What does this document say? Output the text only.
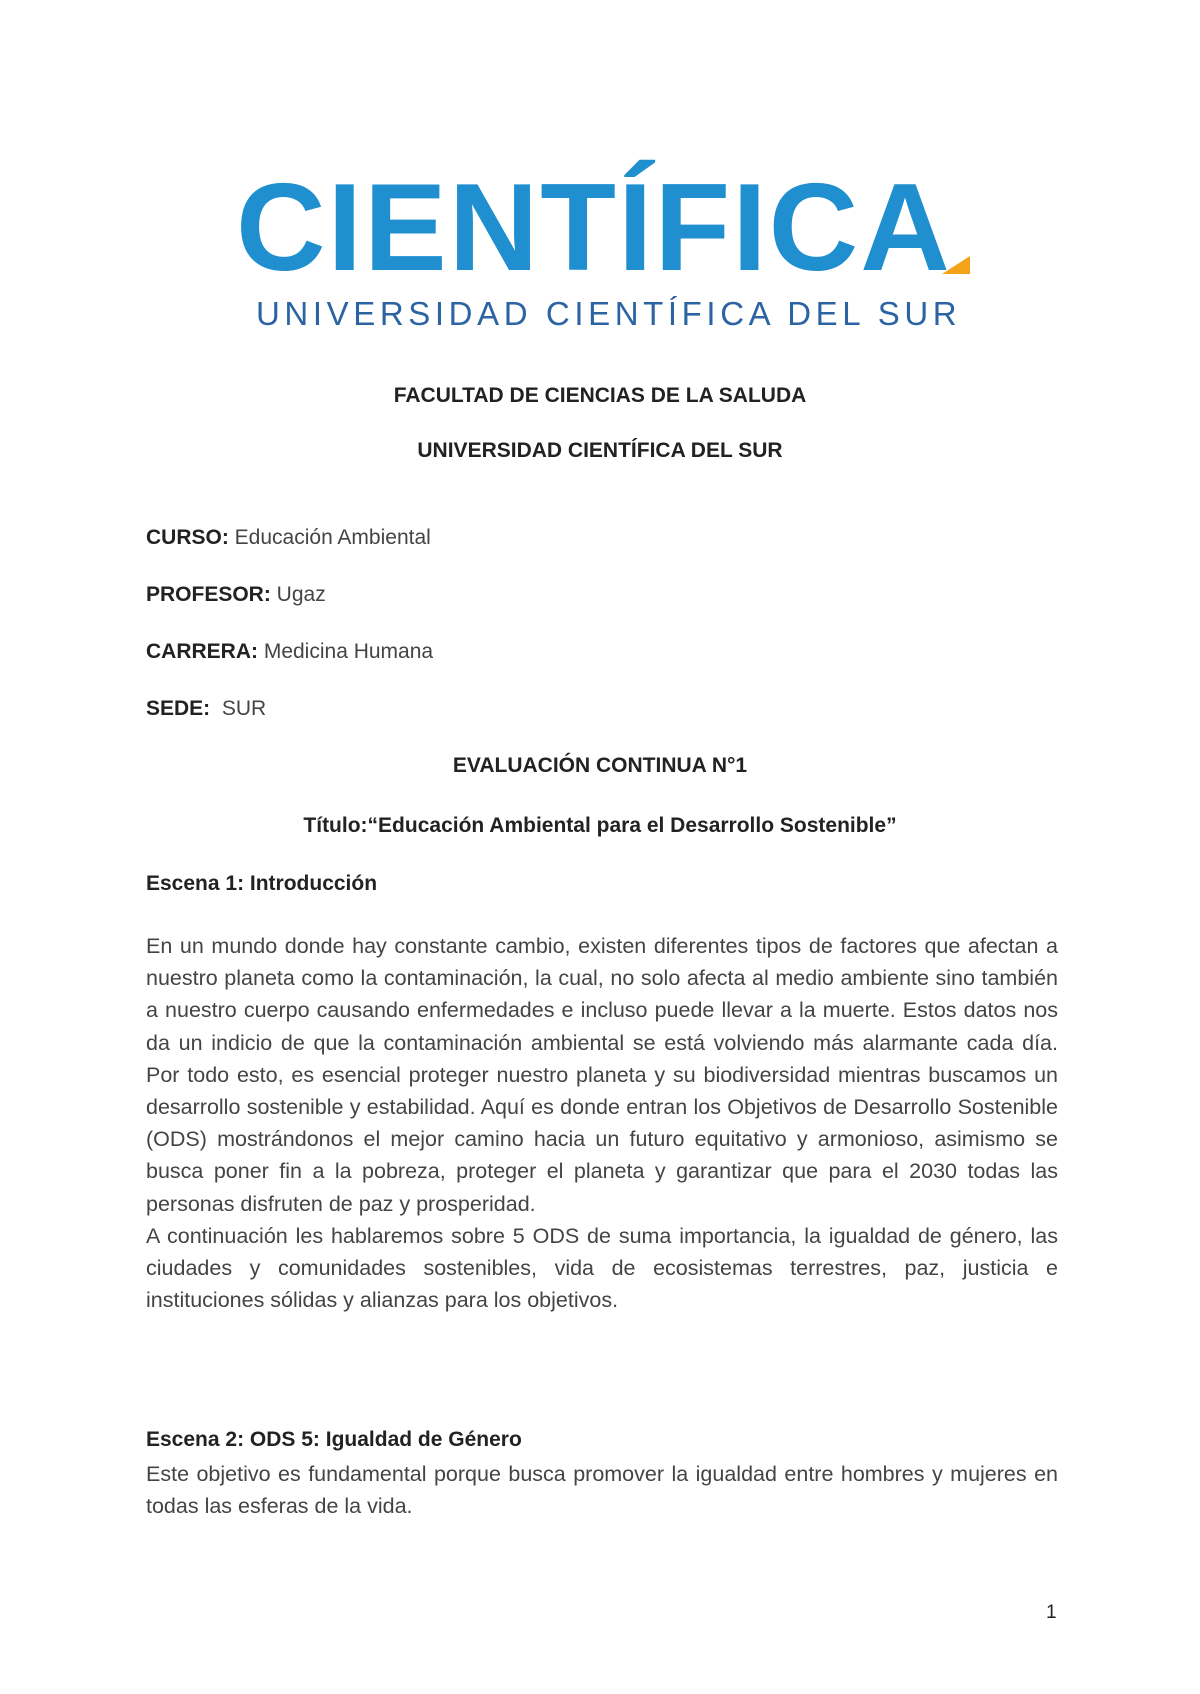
CIENTÍFICA
UNIVERSIDAD CIENTÍFICA DEL SUR
FACULTAD DE CIENCIAS DE LA SALUDA
UNIVERSIDAD CIENTÍFICA DEL SUR
CURSO: Educación Ambiental
PROFESOR: Ugaz
CARRERA: Medicina Humana
SEDE:  SUR
EVALUACIÓN CONTINUA N°1
Título:“Educación Ambiental para el Desarrollo Sostenible”
Escena 1: Introducción

En un mundo donde hay constante cambio, existen diferentes tipos de factores que afectan a nuestro planeta como la contaminación, la cual, no solo afecta al medio ambiente sino también a nuestro cuerpo causando enfermedades e incluso puede llevar a la muerte. Estos datos nos da un indicio de que la contaminación ambiental se está volviendo más alarmante cada día. Por todo esto, es esencial proteger nuestro planeta y su biodiversidad mientras buscamos un desarrollo sostenible y estabilidad. Aquí es donde entran los Objetivos de Desarrollo Sostenible (ODS) mostrándonos el mejor camino hacia un futuro equitativo y armonioso, asimismo se busca poner fin a la pobreza, proteger el planeta y garantizar que para el 2030 todas las personas disfruten de paz y prosperidad.

A continuación les hablaremos sobre 5 ODS de suma importancia, la igualdad de género, las ciudades y comunidades sostenibles, vida de ecosistemas terrestres, paz, justicia e instituciones sólidas y alianzas para los objetivos.

Escena 2: ODS 5: Igualdad de Género

Este objetivo es fundamental porque busca promover la igualdad entre hombres y mujeres en todas las esferas de la vida.

1
